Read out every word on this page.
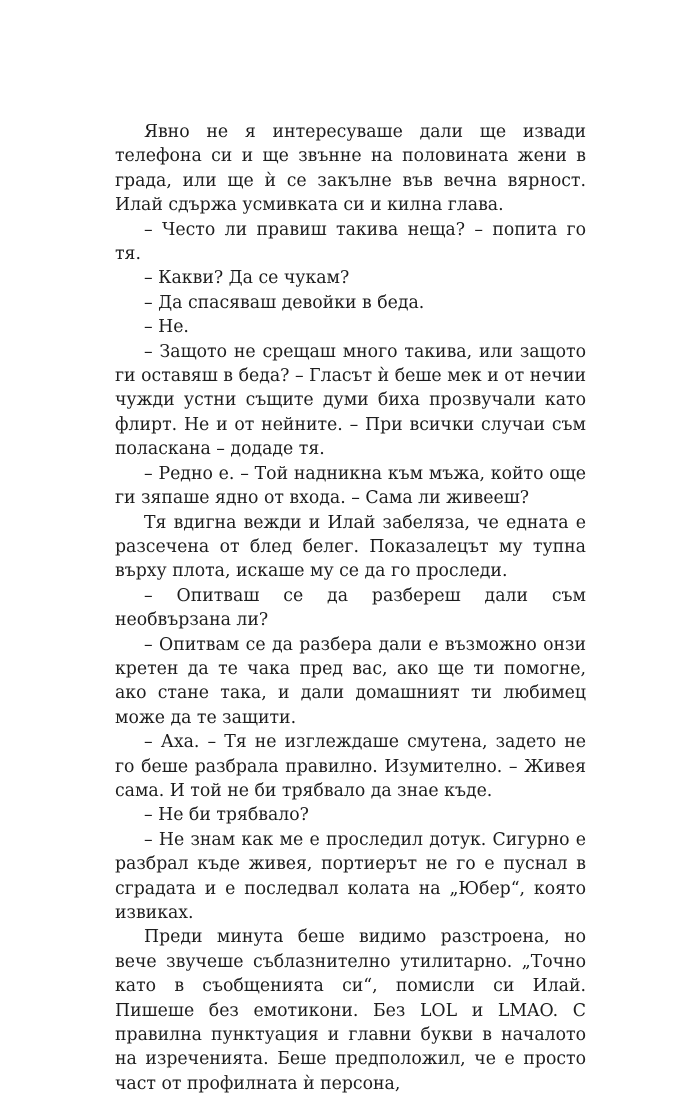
Явно не я интересуваше дали ще извади телефона си и ще звънне на половината жени в града, или ще ѝ се закълне във вечна вярност. Илай сдържа усмивката си и килна глава.

– Често ли правиш такива неща? – попита го тя.

– Какви? Да се чукам?

– Да спасяваш девойки в беда.

– Не.

– Защото не срещаш много такива, или защото ги оставяш в беда? – Гласът ѝ беше мек и от нечии чужди устни същите думи биха прозвучали като флирт. Не и от нейните. – При всички случаи съм поласкана – додаде тя.

– Редно е. – Той надникна към мъжа, който още ги зяпаше ядно от входа. – Сама ли живееш?

Тя вдигна вежди и Илай забеляза, че едната е разсечена от блед белег. Показалецът му тупна върху плота, искаше му се да го проследи.

– Опитваш се да разбереш дали съм необвързана ли?

– Опитвам се да разбера дали е възможно онзи кретен да те чака пред вас, ако ще ти помогне, ако стане така, и дали домашният ти любимец може да те защити.

– Аха. – Тя не изглеждаше смутена, задето не го беше разбрала правилно. Изумително. – Живея сама. И той не би трябвало да знае къде.

– Не би трябвало?

– Не знам как ме е проследил дотук. Сигурно е разбрал къде живея, портиерът не го е пуснал в сградата и е последвал колата на „Юбер“, която извиках.

Преди минута беше видимо разстроена, но вече звучеше съблазнително утилитарно. „Точно като в съобщенията си“, помисли си Илай. Пишеше без емотикони. Без LOL и LMAO. С правилна пунктуация и главни букви в началото на изреченията. Беше предположил, че е просто част от профилната ѝ персона,
